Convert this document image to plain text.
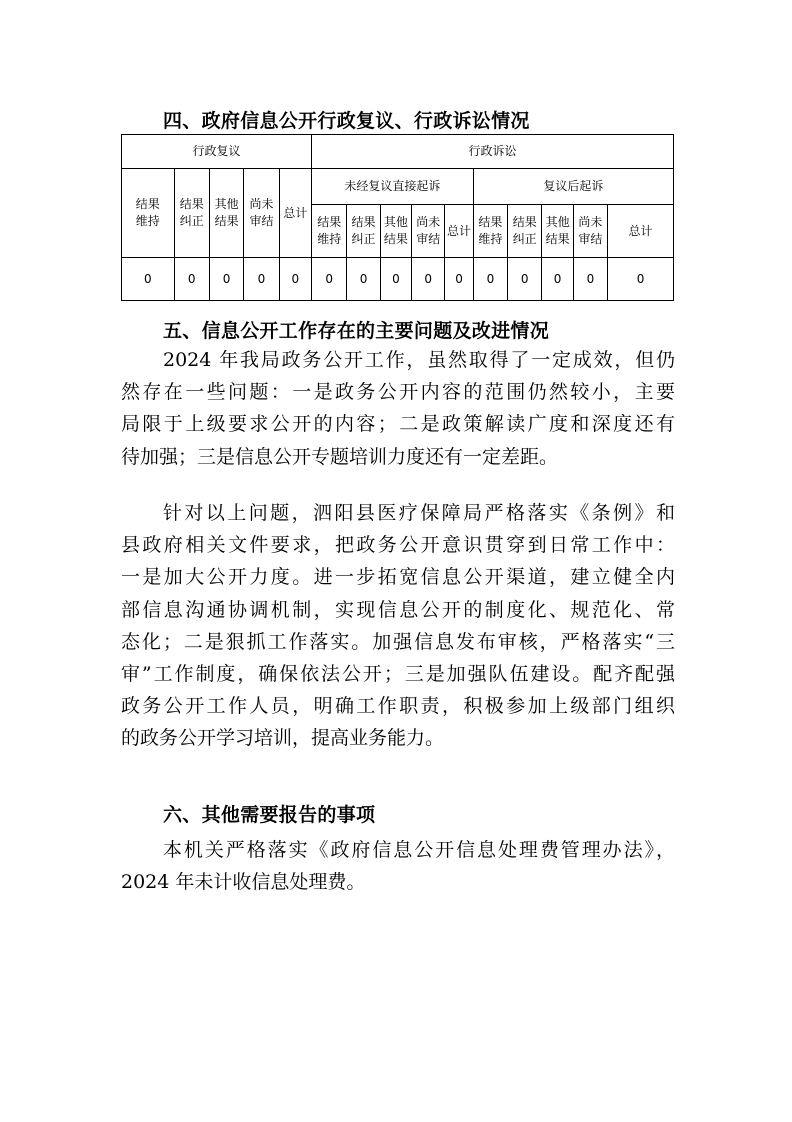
四、政府信息公开行政复议、行政诉讼情况
行政复议					行政诉讼									
结果维持	结果纠正	其他结果	尚未审结	总计	未经复议直接起诉					复议后起诉				
					结果维持	结果纠正	其他结果	尚未审结	总计	结果维持	结果纠正	其他结果	尚未审结	总计
0	0	0	0	0	0	0	0	0	0	0	0	0	0	0
五、信息公开工作存在的主要问题及改进情况
2024 年我局政务公开工作，虽然取得了一定成效，但仍
然存在一些问题：一是政务公开内容的范围仍然较小，主要
局限于上级要求公开的内容；二是政策解读广度和深度还有
待加强；三是信息公开专题培训力度还有一定差距。
针对以上问题，泗阳县医疗保障局严格落实《条例》和
县政府相关文件要求，把政务公开意识贯穿到日常工作中：
一是加大公开力度。进一步拓宽信息公开渠道，建立健全内
部信息沟通协调机制，实现信息公开的制度化、规范化、常
态化；二是狠抓工作落实。加强信息发布审核，严格落实“三
审”工作制度，确保依法公开；三是加强队伍建设。配齐配强
政务公开工作人员，明确工作职责，积极参加上级部门组织
的政务公开学习培训，提高业务能力。
六、其他需要报告的事项
本机关严格落实《政府信息公开信息处理费管理办法》，
2024 年未计收信息处理费。
